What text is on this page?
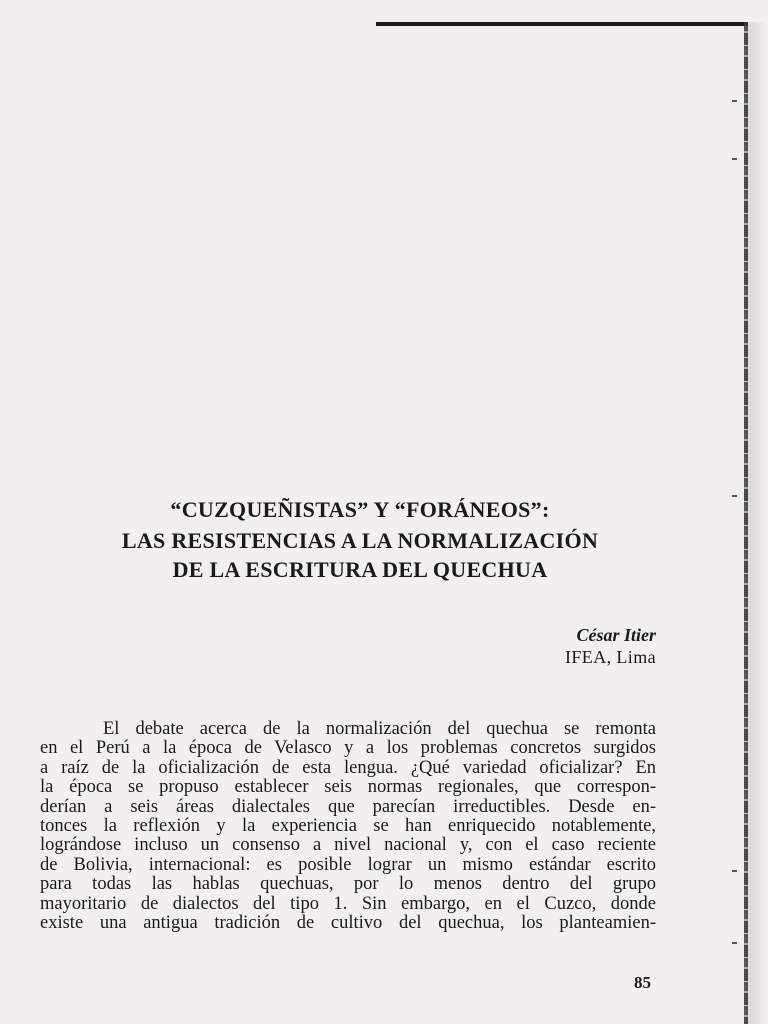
“CUZQUEÑISTAS” Y “FORÁNEOS”:
LAS RESISTENCIAS A LA NORMALIZACIÓN
DE LA ESCRITURA DEL QUECHUA
César Itier
IFEA, Lima
El debate acerca de la normalización del quechua se remonta
en el Perú a la época de Velasco y a los problemas concretos surgidos
a raíz de la oficialización de esta lengua. ¿Qué variedad oficializar? En
la época se propuso establecer seis normas regionales, que correspon-
derían a seis áreas dialectales que parecían irreductibles. Desde en-
tonces la reflexión y la experiencia se han enriquecido notablemente,
lográndose incluso un consenso a nivel nacional y, con el caso reciente
de Bolivia, internacional: es posible lograr un mismo estándar escrito
para todas las hablas quechuas, por lo menos dentro del grupo
mayoritario de dialectos del tipo 1. Sin embargo, en el Cuzco, donde
existe una antigua tradición de cultivo del quechua, los planteamien-
85
